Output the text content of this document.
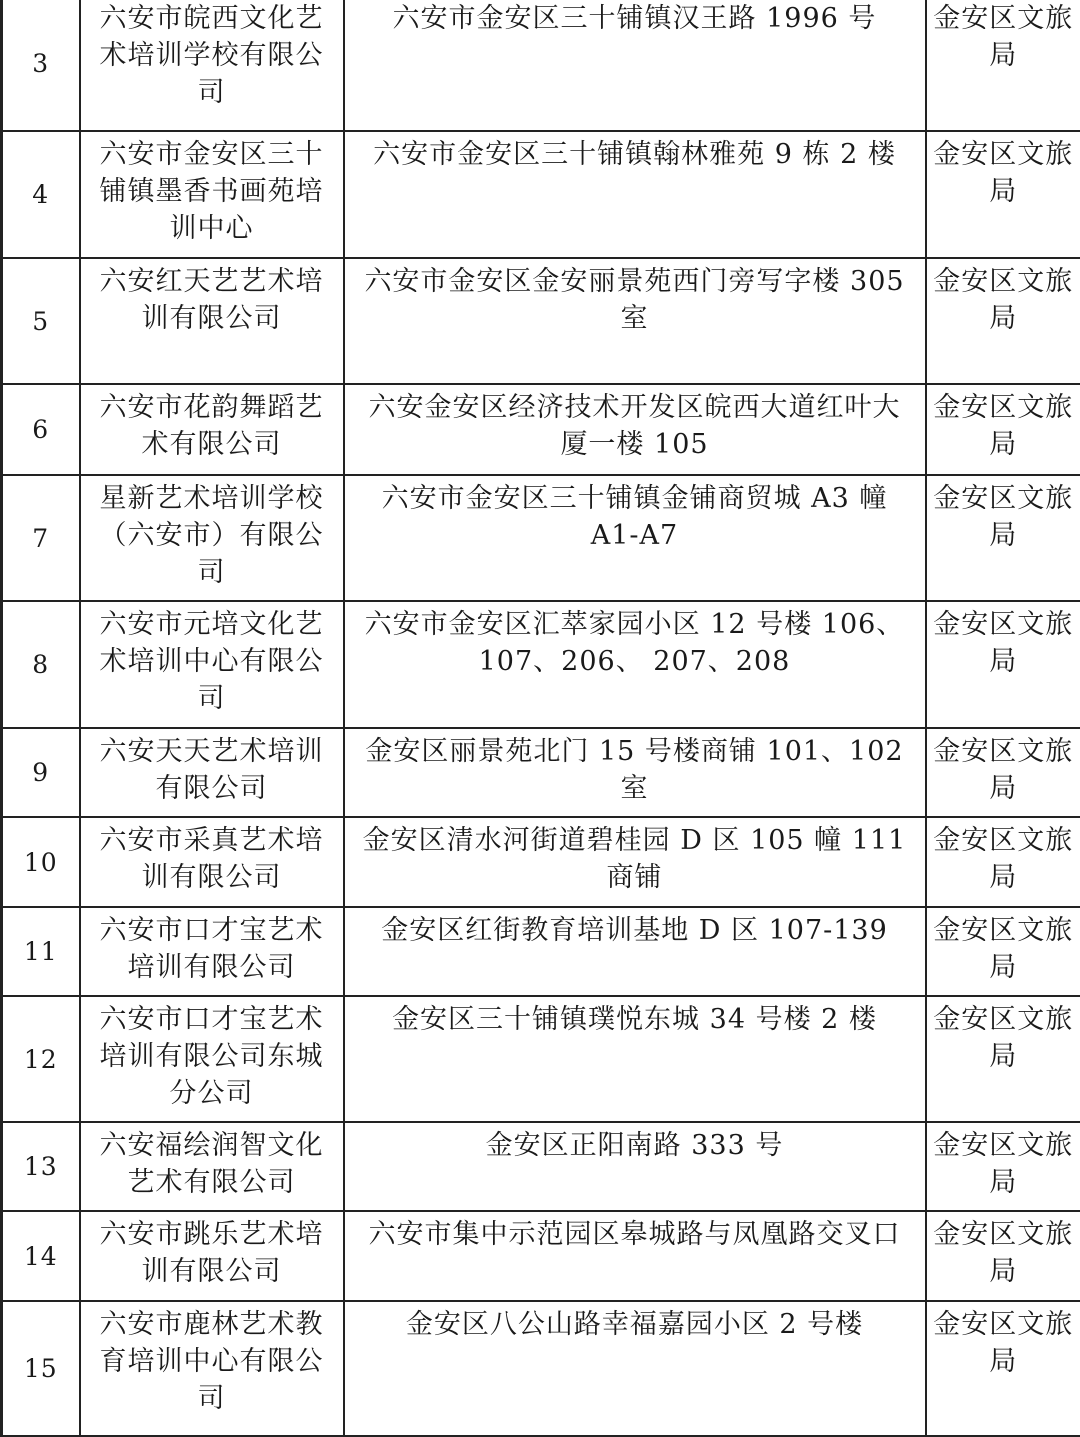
3	六安市皖西文化艺术培训学校有限公司	六安市金安区三十铺镇汉王路 1996 号	金安区文旅局
4	六安市金安区三十铺镇墨香书画苑培训中心	六安市金安区三十铺镇翰林雅苑 9 栋 2 楼	金安区文旅局
5	六安红天艺艺术培训有限公司	六安市金安区金安丽景苑西门旁写字楼 305 室	金安区文旅局
6	六安市花韵舞蹈艺术有限公司	六安金安区经济技术开发区皖西大道红叶大厦一楼 105	金安区文旅局
7	星新艺术培训学校（六安市）有限公司	六安市金安区三十铺镇金铺商贸城 A3 幢 A1-A7	金安区文旅局
8	六安市元培文化艺术培训中心有限公司	六安市金安区汇萃家园小区 12 号楼 106、107、206、 207、208	金安区文旅局
9	六安天天艺术培训有限公司	金安区丽景苑北门 15 号楼商铺 101、102 室	金安区文旅局
10	六安市采真艺术培训有限公司	金安区清水河街道碧桂园 D 区 105 幢 111 商铺	金安区文旅局
11	六安市口才宝艺术培训有限公司	金安区红街教育培训基地 D 区 107-139	金安区文旅局
12	六安市口才宝艺术培训有限公司东城分公司	金安区三十铺镇璞悦东城 34 号楼 2 楼	金安区文旅局
13	六安福绘润智文化艺术有限公司	金安区正阳南路 333 号	金安区文旅局
14	六安市跳乐艺术培训有限公司	六安市集中示范园区皋城路与凤凰路交叉口	金安区文旅局
15	六安市鹿林艺术教育培训中心有限公司	金安区八公山路幸福嘉园小区 2 号楼	金安区文旅局
